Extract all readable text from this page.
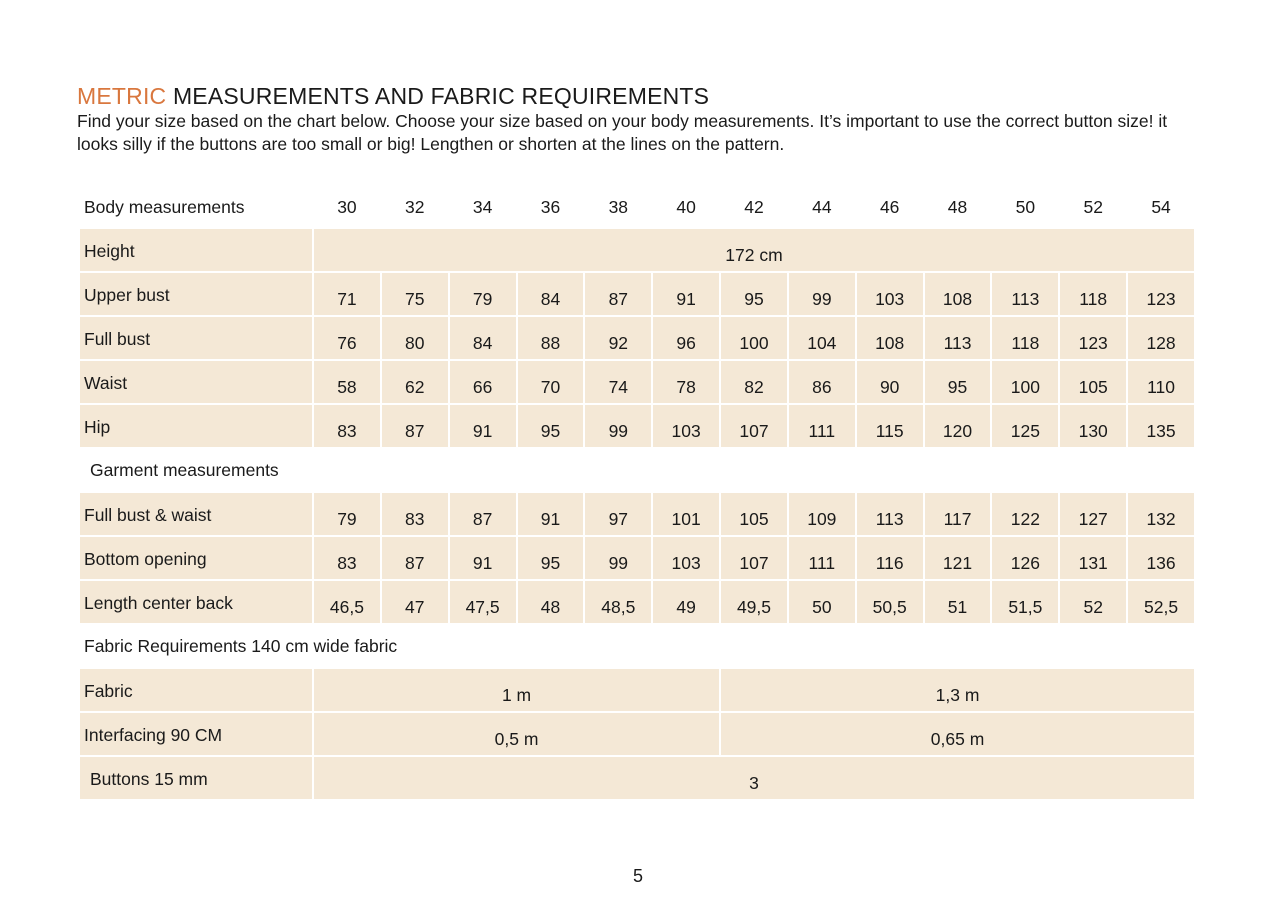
METRIC MEASUREMENTS AND FABRIC REQUIREMENTS

Find your size based on the chart below. Choose your size based on your body measurements. It’s important to use the correct button size! it looks silly if the buttons are too small or big! Lengthen or shorten at the lines on the pattern.

Body measurements	30	32	34	36	38	40	42	44	46	48	50	52	54
Height	172 cm												
Upper bust	71	75	79	84	87	91	95	99	103	108	113	118	123
Full bust	76	80	84	88	92	96	100	104	108	113	118	123	128
Waist	58	62	66	70	74	78	82	86	90	95	100	105	110
Hip	83	87	91	95	99	103	107	111	115	120	125	130	135
Garment measurements													
Full bust & waist	79	83	87	91	97	101	105	109	113	117	122	127	132
Bottom opening	83	87	91	95	99	103	107	111	116	121	126	131	136
Length center back	46,5	47	47,5	48	48,5	49	49,5	50	50,5	51	51,5	52	52,5
Fabric Requirements 140 cm wide fabric													
Fabric	1 m						1,3 m						
Interfacing 90 CM	0,5 m						0,65 m						
Buttons 15 mm	3												
5
